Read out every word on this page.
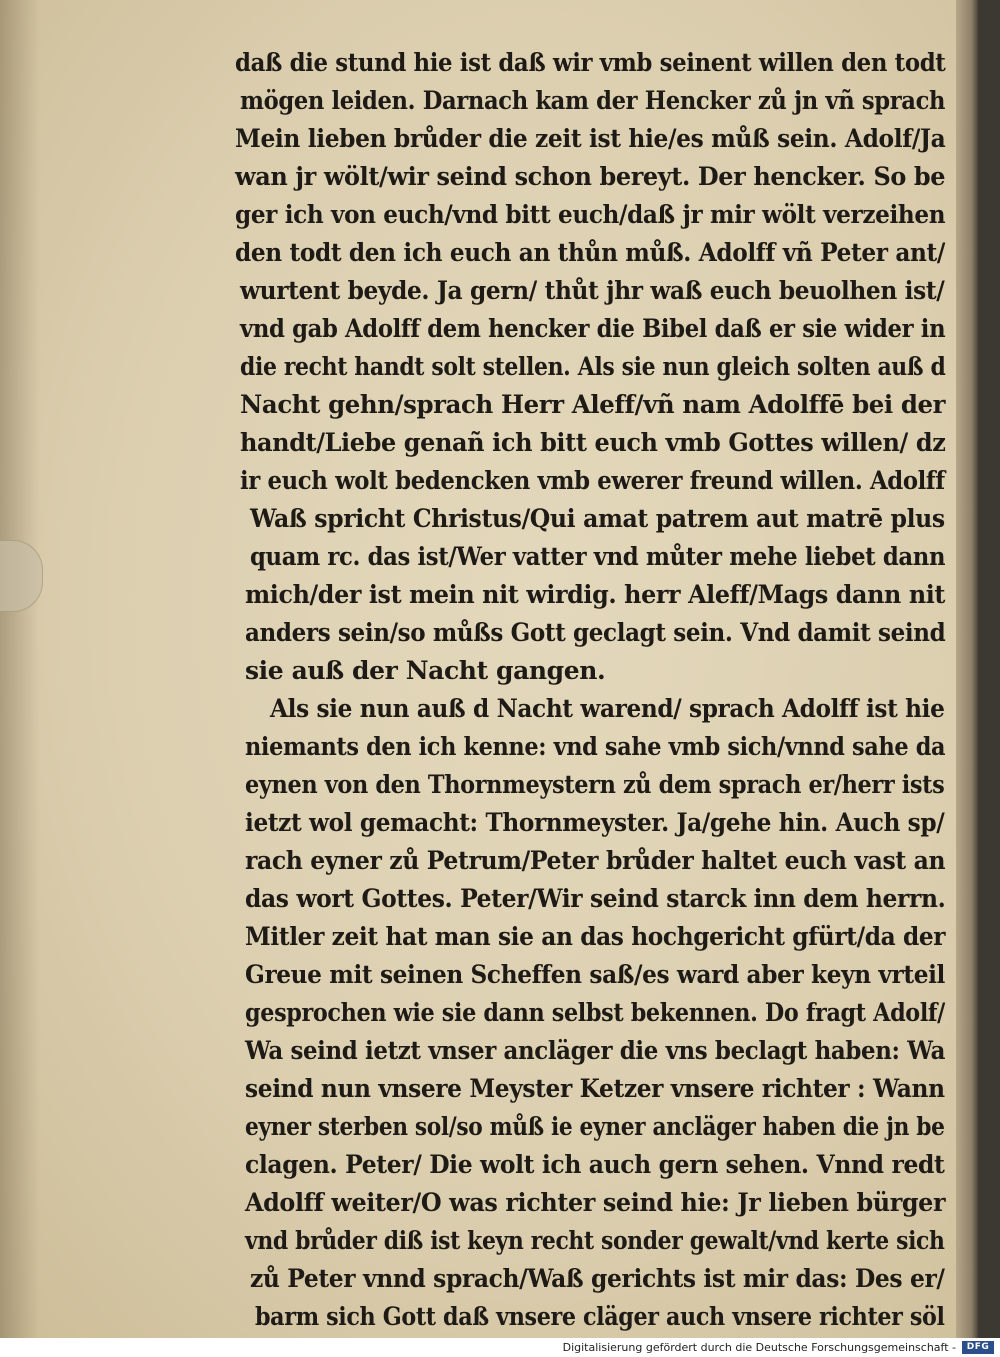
daß die stund hie ist daß wir vmb seinent willen den todt
mögen leiden. Darnach kam der Hencker zů jn vñ sprach
Mein lieben brůder die zeit ist hie/es můß sein. Adolf/Ja
wan jr wölt/wir seind schon bereyt. Der hencker. So be
ger ich von euch/vnd bitt euch/daß jr mir wölt verzeihen
den todt den ich euch an thůn můß. Adolff vñ Peter ant/
wurtent beyde. Ja gern/ thůt jhr waß euch beuolhen ist/
vnd gab Adolff dem hencker die Bibel daß er sie wider in
die recht handt solt stellen. Als sie nun gleich solten auß d
Nacht gehn/sprach Herr Aleff/vñ nam Adolffē bei der
handt/Liebe genañ ich bitt euch vmb Gottes willen/ dz
ir euch wolt bedencken vmb ewerer freund willen. Adolff
Waß spricht Christus/Qui amat patrem aut matrē plus
quam rc. das ist/Wer vatter vnd můter mehe liebet dann
mich/der ist mein nit wirdig. herr Aleff/Mags dann nit
anders sein/so můßs Gott geclagt sein. Vnd damit seind
sie auß der Nacht gangen.
Als sie nun auß d Nacht warend/ sprach Adolff ist hie
niemants den ich kenne: vnd sahe vmb sich/vnnd sahe da
eynen von den Thornmeystern zů dem sprach er/herr ists
ietzt wol gemacht: Thornmeyster. Ja/gehe hin. Auch sp/
rach eyner zů Petrum/Peter brůder haltet euch vast an
das wort Gottes. Peter/Wir seind starck inn dem herrn.
Mitler zeit hat man sie an das hochgericht gfürt/da der
Greue mit seinen Scheffen saß/es ward aber keyn vrteil
gesprochen wie sie dann selbst bekennen. Do fragt Adolf/
Wa seind ietzt vnser ancläger die vns beclagt haben: Wa
seind nun vnsere Meyster Ketzer vnsere richter : Wann
eyner sterben sol/so můß ie eyner ancläger haben die jn be
clagen. Peter/ Die wolt ich auch gern sehen. Vnnd redt
Adolff weiter/O was richter seind hie: Jr lieben bürger
vnd brůder diß ist keyn recht sonder gewalt/vnd kerte sich
zů Peter vnnd sprach/Waß gerichts ist mir das: Des er/
barm sich Gott daß vnsere cläger auch vnsere richter söl
Digitalisierung gefördert durch die Deutsche Forschungsgemeinschaft -	DFG
